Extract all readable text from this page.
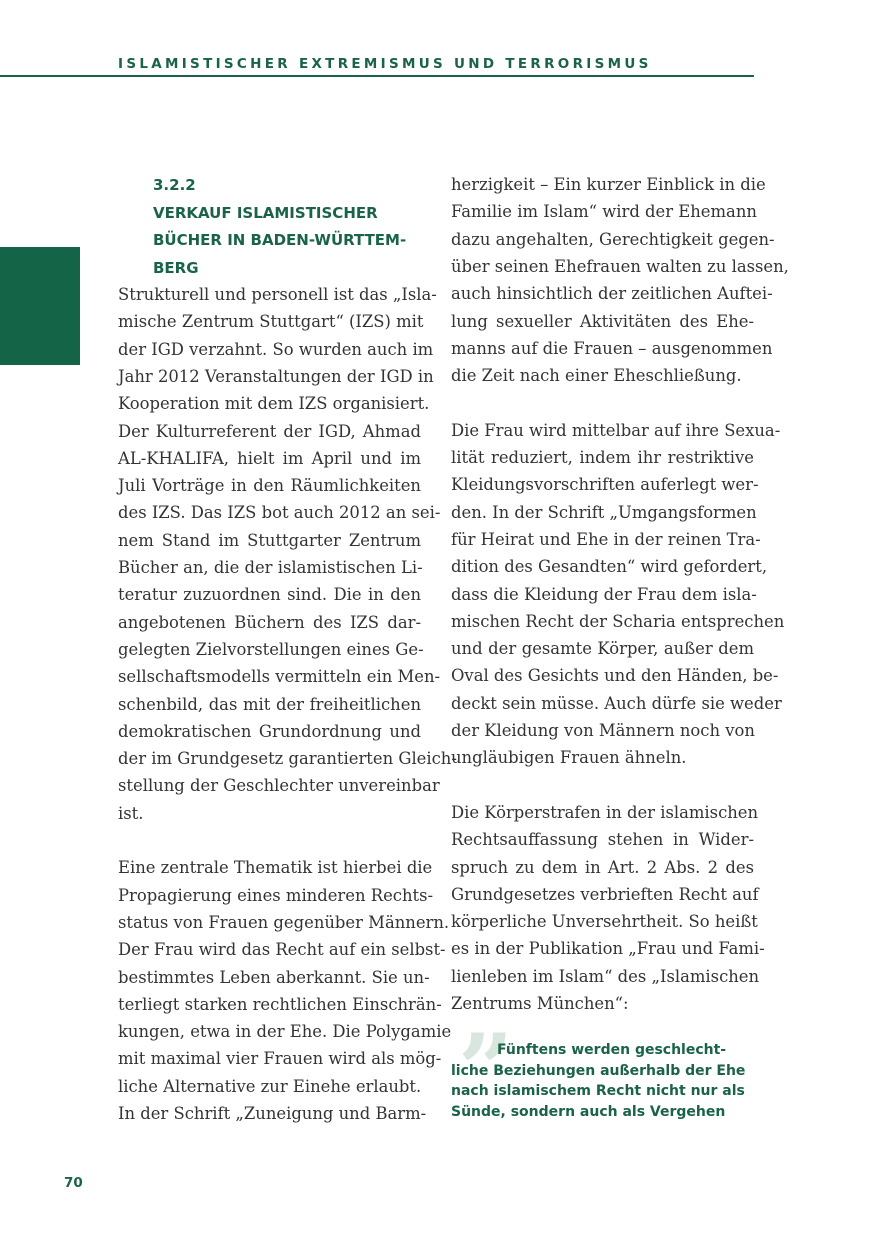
ISLAMISTISCHER EXTREMISMUS UND TERRORISMUS
3.2.2
VERKAUF ISLAMISTISCHER
BÜCHER IN BADEN-WÜRTTEM-
BERG
Strukturell und personell ist das „Isla-
mische Zentrum Stuttgart“ (IZS) mit
der IGD verzahnt. So wurden auch im
Jahr 2012 Veranstaltungen der IGD in
Kooperation mit dem IZS organisiert.
Der Kulturreferent der IGD, Ahmad
AL-KHALIFA, hielt im April und im
Juli Vorträge in den Räumlichkeiten
des IZS. Das IZS bot auch 2012 an sei-
nem Stand im Stuttgarter Zentrum
Bücher an, die der islamistischen Li-
teratur zuzuordnen sind. Die in den
angebotenen Büchern des IZS dar-
gelegten Zielvorstellungen eines Ge-
sellschaftsmodells vermitteln ein Men-
schenbild, das mit der freiheitlichen
demokratischen Grundordnung und
der im Grundgesetz garantierten Gleich-
stellung der Geschlechter unvereinbar
ist.
Eine zentrale Thematik ist hierbei die
Propagierung eines minderen Rechts-
status von Frauen gegenüber Männern.
Der Frau wird das Recht auf ein selbst-
bestimmtes Leben aberkannt. Sie un-
terliegt starken rechtlichen Einschrän-
kungen, etwa in der Ehe. Die Polygamie
mit maximal vier Frauen wird als mög-
liche Alternative zur Einehe erlaubt.
In der Schrift „Zuneigung und Barm-
herzigkeit – Ein kurzer Einblick in die
Familie im Islam“ wird der Ehemann
dazu angehalten, Gerechtigkeit gegen-
über seinen Ehefrauen walten zu lassen,
auch hinsichtlich der zeitlichen Auftei-
lung sexueller Aktivitäten des Ehe-
manns auf die Frauen – ausgenommen
die Zeit nach einer Eheschließung.
Die Frau wird mittelbar auf ihre Sexua-
lität reduziert, indem ihr restriktive
Kleidungsvorschriften auferlegt wer-
den. In der Schrift „Umgangsformen
für Heirat und Ehe in der reinen Tra-
dition des Gesandten“ wird gefordert,
dass die Kleidung der Frau dem isla-
mischen Recht der Scharia entsprechen
und der gesamte Körper, außer dem
Oval des Gesichts und den Händen, be-
deckt sein müsse. Auch dürfe sie weder
der Kleidung von Männern noch von
ungläubigen Frauen ähneln.
Die Körperstrafen in der islamischen
Rechtsauffassung stehen in Wider-
spruch zu dem in Art. 2 Abs. 2 des
Grundgesetzes verbrieften Recht auf
körperliche Unversehrtheit. So heißt
es in der Publikation „Frau und Fami-
lienleben im Islam“ des „Islamischen
Zentrums München“:
”
Fünftens werden geschlecht-
liche Beziehungen außerhalb der Ehe
nach islamischem Recht nicht nur als
Sünde, sondern auch als Vergehen
70
